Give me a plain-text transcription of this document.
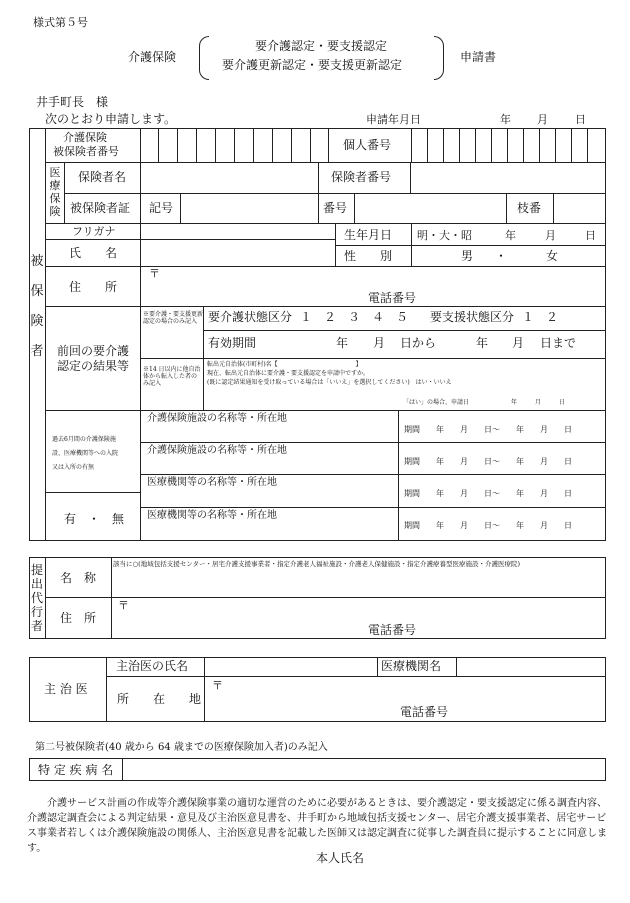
様式第５号
介護保険
要介護認定・要支援認定
要介護更新認定・要支援更新認定
申請書
井手町長　様
次のとおり申請します。	申請年月日	年 月 日
被保険者
介護保険
被保険者番号	個人番号
医療保険
保険者名	保険者番号
被保険者証 記号	番号	枝番
フリガナ
氏　　名
生年月日 明・大・昭	年	月	日
性　　別	男 ・	女
住　　所
〒
電話番号
前回の要介護
認定の結果等
※要介護・要支援更新認定の場合のみ記入 要介護状態区分 １　２　３　４　５ 要支援状態区分 １　２
有効期間	年 月 日から	年 月 日まで
※14 日以内に他自治体から転入した者のみ記入
転出元自治体(市町村)名【　　　　　　　　　　　　　】
現在、転出元自治体に要介護・要支援認定を申請中ですか。
(既に認定結果通知を受け取っている場合は「いいえ」を選択してください)　はい・いいえ
「はい」の場合、申請日　　　　　　　年　　　月　　　日
過去6月間の介護保険施
設、医療機関等への入院
又は入所の有無
有　・　無
介護保険施設の名称等・所在地
期間　　年　　月　　日～　　年　　月　　日
介護保険施設の名称等・所在地
期間　　年　　月　　日～　　年　　月　　日
医療機関等の名称等・所在地
期間　　年　　月　　日～　　年　　月　　日
医療機関等の名称等・所在地
期間　　年　　月　　日～　　年　　月　　日
提出代行者
名　称
該当に○(地域包括支援センター・居宅介護支援事業者・指定介護老人福祉施設・介護老人保健施設・指定介護療養型医療施設・介護医療院)
住　所
〒
電話番号
主 治 医
主治医の氏名	医療機関名
所　　在　　地
〒
電話番号
第二号被保険者(40 歳から 64 歳までの医療保険加入者)のみ記入
特 定 疾 病 名
介護サービス計画の作成等介護保険事業の適切な運営のために必要があるときは、要介護認定・要支援認定に係る調査内容、介護認定調査会による判定結果・意見及び主治医意見書を、井手町から地域包括支援センター、居宅介護支援事業者、居宅サービス事業者若しくは介護保険施設の関係人、主治医意見書を記載した医師又は認定調査に従事した調査員に提示することに同意します。
本人氏名
